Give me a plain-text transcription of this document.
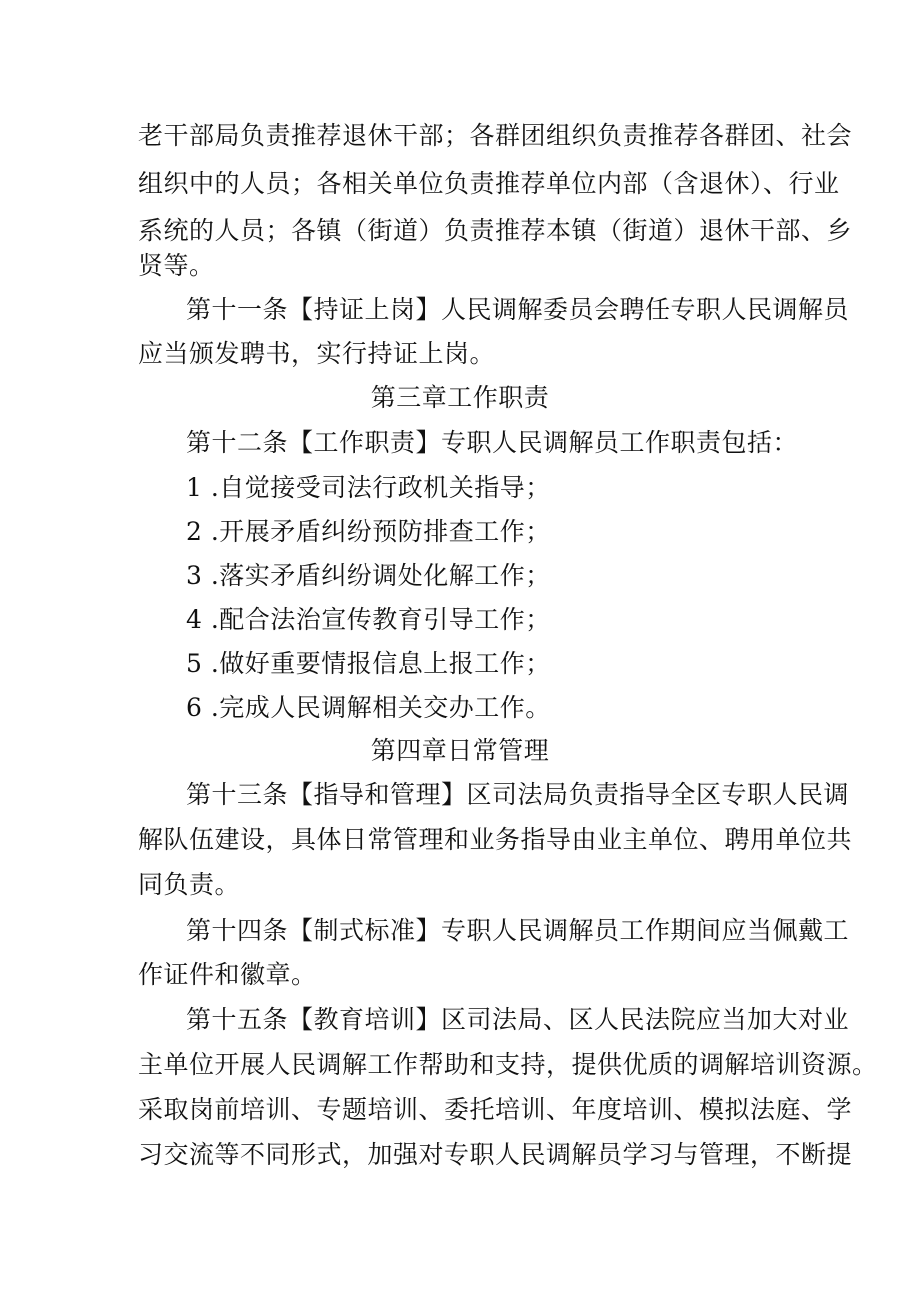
老干部局负责推荐退休干部；各群团组织负责推荐各群团、社会
组织中的人员；各相关单位负责推荐单位内部（含退休）、行业
系统的人员；各镇（街道）负责推荐本镇（街道）退休干部、乡
贤等。
第十一条【持证上岗】人民调解委员会聘任专职人民调解员
应当颁发聘书，实行持证上岗。
第三章工作职责
第十二条【工作职责】专职人民调解员工作职责包括：
1 .自觉接受司法行政机关指导；
2 .开展矛盾纠纷预防排查工作；
3 .落实矛盾纠纷调处化解工作；
4 .配合法治宣传教育引导工作；
5 .做好重要情报信息上报工作；
6 .完成人民调解相关交办工作。
第四章日常管理
第十三条【指导和管理】区司法局负责指导全区专职人民调
解队伍建设，具体日常管理和业务指导由业主单位、聘用单位共
同负责。
第十四条【制式标准】专职人民调解员工作期间应当佩戴工
作证件和徽章。
第十五条【教育培训】区司法局、区人民法院应当加大对业
主单位开展人民调解工作帮助和支持，提供优质的调解培训资源。
采取岗前培训、专题培训、委托培训、年度培训、模拟法庭、学
习交流等不同形式，加强对专职人民调解员学习与管理，不断提
